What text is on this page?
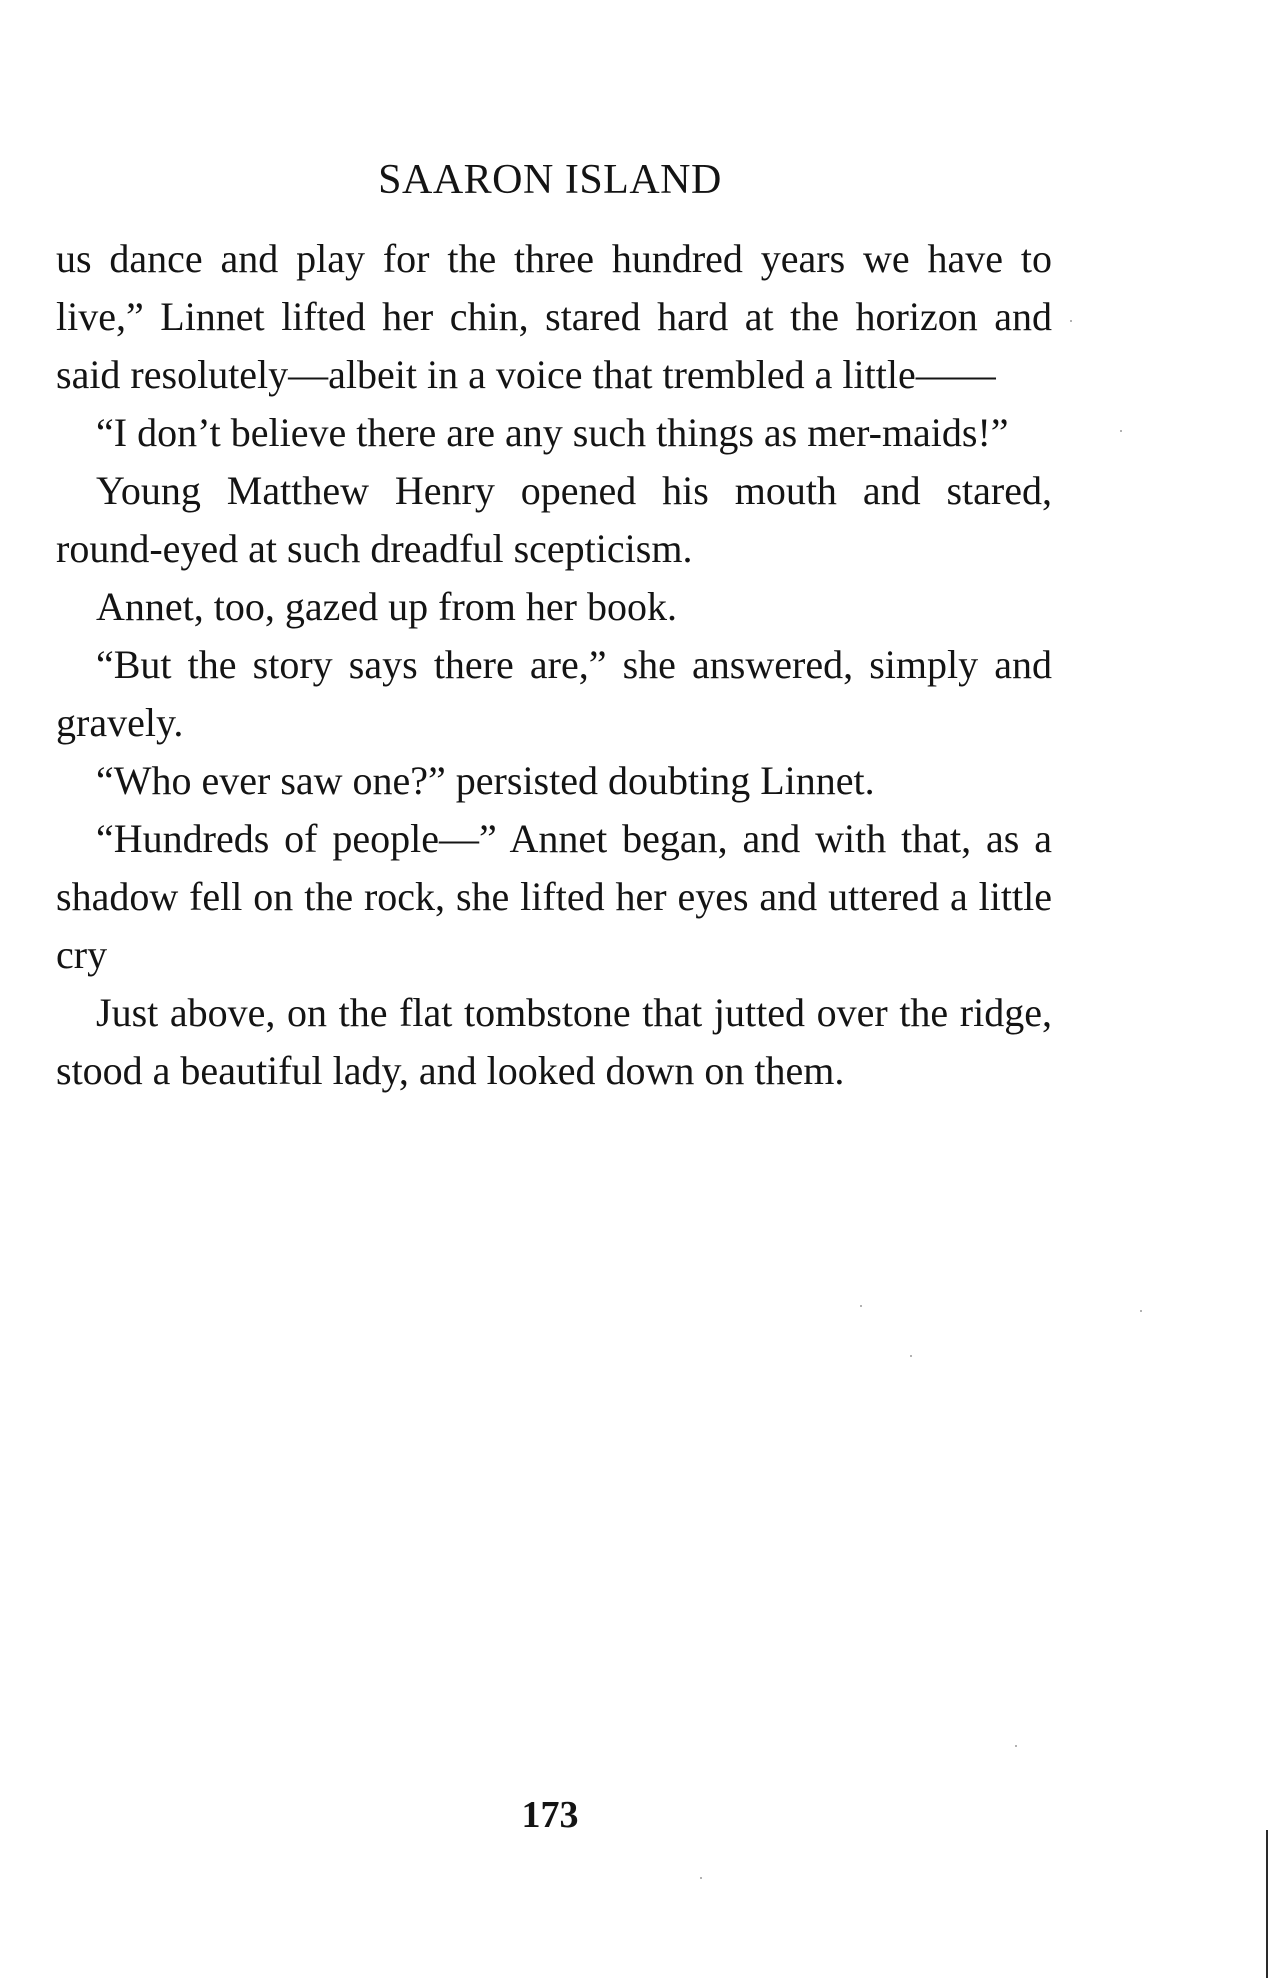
SAARON ISLAND

us dance and play for the three hundred years we have to live,” Linnet lifted her chin, stared hard at the horizon and said resolutely—albeit in a voice that trembled a little——

“I don’t believe there are any such things as mer-maids!”

Young Matthew Henry opened his mouth and stared, round-eyed at such dreadful scepticism.

Annet, too, gazed up from her book.

“But the story says there are,” she answered, simply and gravely.

“Who ever saw one?” persisted doubting Linnet.

“Hundreds of people—” Annet began, and with that, as a shadow fell on the rock, she lifted her eyes and uttered a little cry

Just above, on the flat tombstone that jutted over the ridge, stood a beautiful lady, and looked down on them.

173
